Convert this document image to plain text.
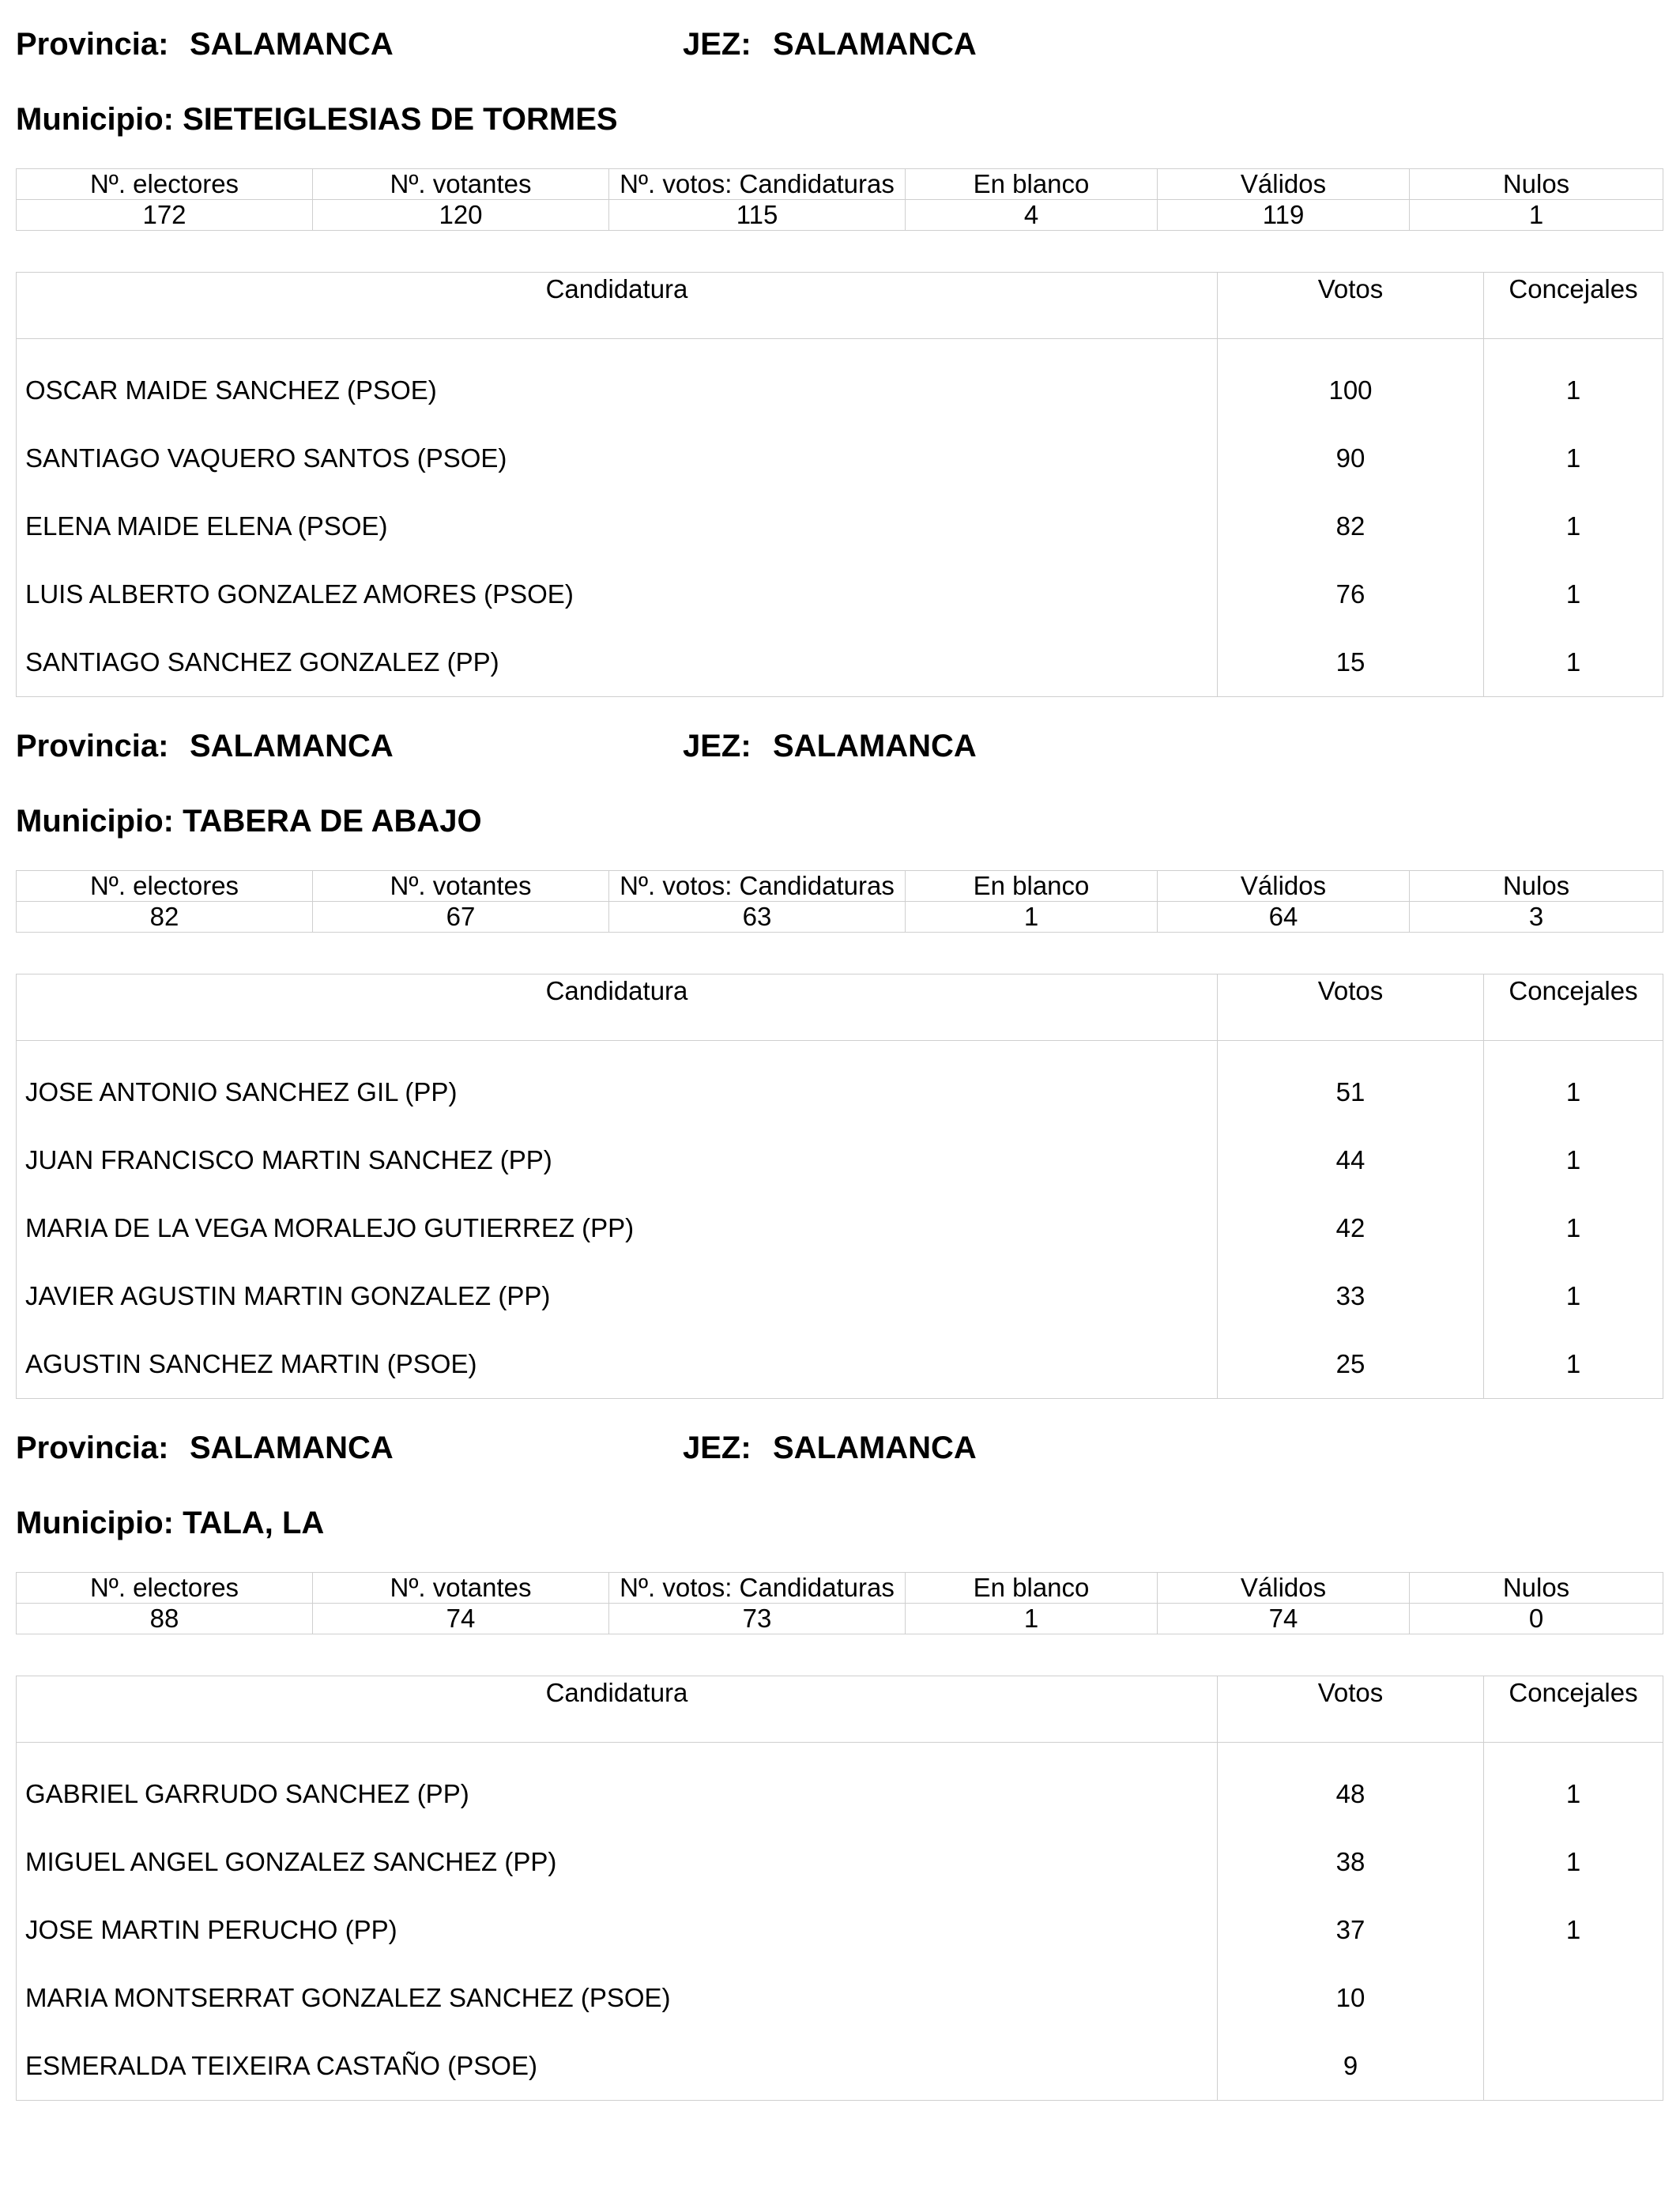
Provincia: SALAMANCA	JEZ: SALAMANCA
Municipio: SIETEIGLESIAS DE TORMES
Nº. electores	Nº. votantes	Nº. votos: Candidaturas	En blanco	Válidos	Nulos
172	120	115	4	119	1
Candidatura	Votos	Concejales
OSCAR MAIDE SANCHEZ (PSOE)	100	1
SANTIAGO VAQUERO SANTOS (PSOE)	90	1
ELENA MAIDE ELENA (PSOE)	82	1
LUIS ALBERTO GONZALEZ AMORES (PSOE)	76	1
SANTIAGO SANCHEZ GONZALEZ (PP)	15	1
Provincia: SALAMANCA	JEZ: SALAMANCA
Municipio: TABERA DE ABAJO
Nº. electores	Nº. votantes	Nº. votos: Candidaturas	En blanco	Válidos	Nulos
82	67	63	1	64	3
Candidatura	Votos	Concejales
JOSE ANTONIO SANCHEZ GIL (PP)	51	1
JUAN FRANCISCO MARTIN SANCHEZ (PP)	44	1
MARIA DE LA VEGA MORALEJO GUTIERREZ (PP)	42	1
JAVIER AGUSTIN MARTIN GONZALEZ (PP)	33	1
AGUSTIN SANCHEZ MARTIN (PSOE)	25	1
Provincia: SALAMANCA	JEZ: SALAMANCA
Municipio: TALA, LA
Nº. electores	Nº. votantes	Nº. votos: Candidaturas	En blanco	Válidos	Nulos
88	74	73	1	74	0
Candidatura	Votos	Concejales
GABRIEL GARRUDO SANCHEZ (PP)	48	1
MIGUEL ANGEL GONZALEZ SANCHEZ (PP)	38	1
JOSE MARTIN PERUCHO (PP)	37	1
MARIA MONTSERRAT GONZALEZ SANCHEZ (PSOE)	10	
ESMERALDA TEIXEIRA CASTAÑO (PSOE)	9	
